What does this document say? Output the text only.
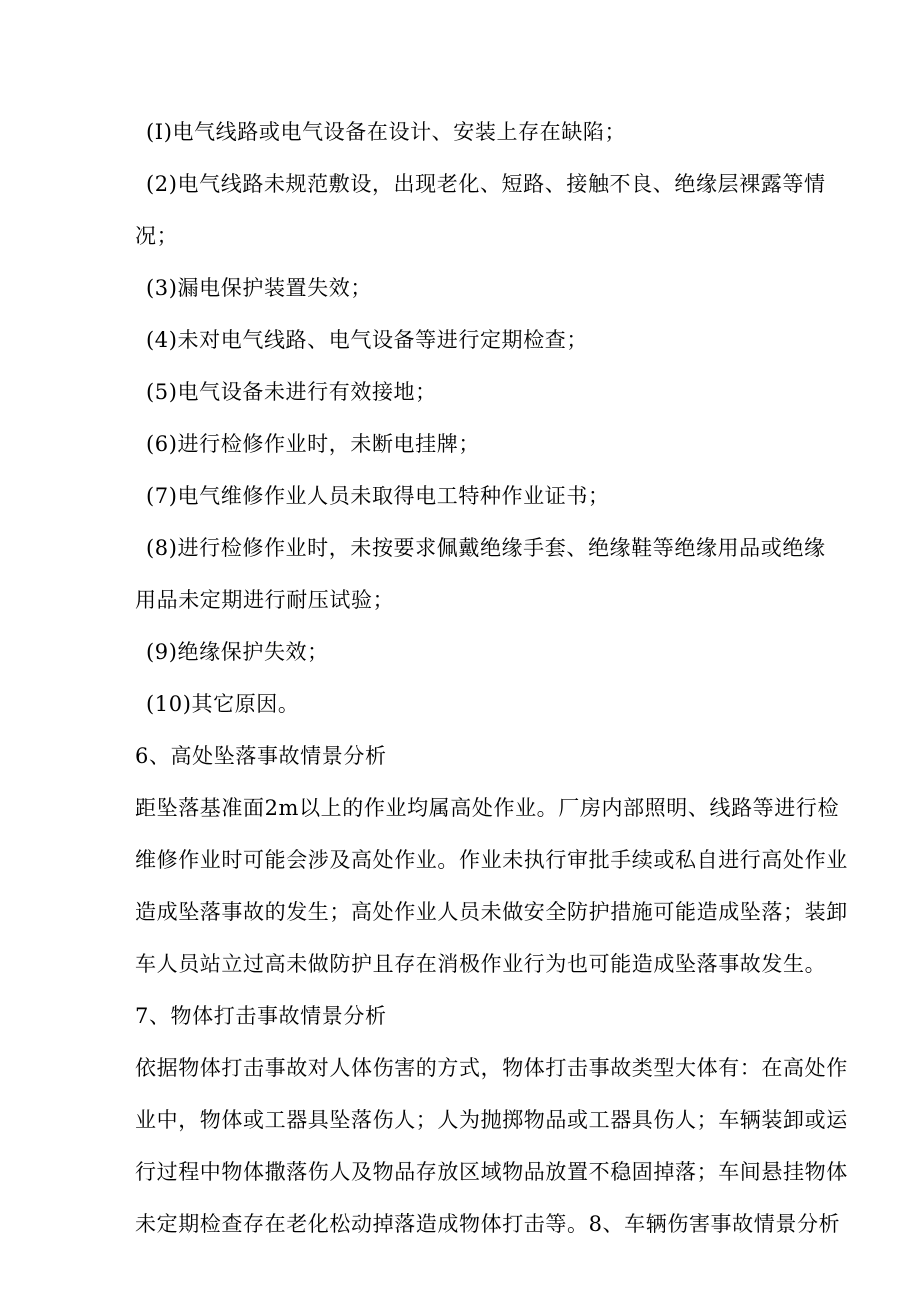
(I)电气线路或电气设备在设计、安装上存在缺陷；
(2)电气线路未规范敷设，出现老化、短路、接触不良、绝缘层裸露等情
况；
(3)漏电保护装置失效；
(4)未对电气线路、电气设备等进行定期检查；
(5)电气设备未进行有效接地；
(6)进行检修作业时，未断电挂牌；
(7)电气维修作业人员未取得电工特种作业证书；
(8)进行检修作业时，未按要求佩戴绝缘手套、绝缘鞋等绝缘用品或绝缘
用品未定期进行耐压试验；
(9)绝缘保护失效；
(10)其它原因。
6、高处坠落事故情景分析
距坠落基准面2m以上的作业均属高处作业。厂房内部照明、线路等进行检
维修作业时可能会涉及高处作业。作业未执行审批手续或私自进行高处作业
造成坠落事故的发生；高处作业人员未做安全防护措施可能造成坠落；装卸
车人员站立过高未做防护且存在消极作业行为也可能造成坠落事故发生。
7、物体打击事故情景分析
依据物体打击事故对人体伤害的方式，物体打击事故类型大体有：在高处作
业中，物体或工器具坠落伤人；人为抛掷物品或工器具伤人；车辆装卸或运
行过程中物体撒落伤人及物品存放区域物品放置不稳固掉落；车间悬挂物体
未定期检查存在老化松动掉落造成物体打击等。8、车辆伤害事故情景分析
